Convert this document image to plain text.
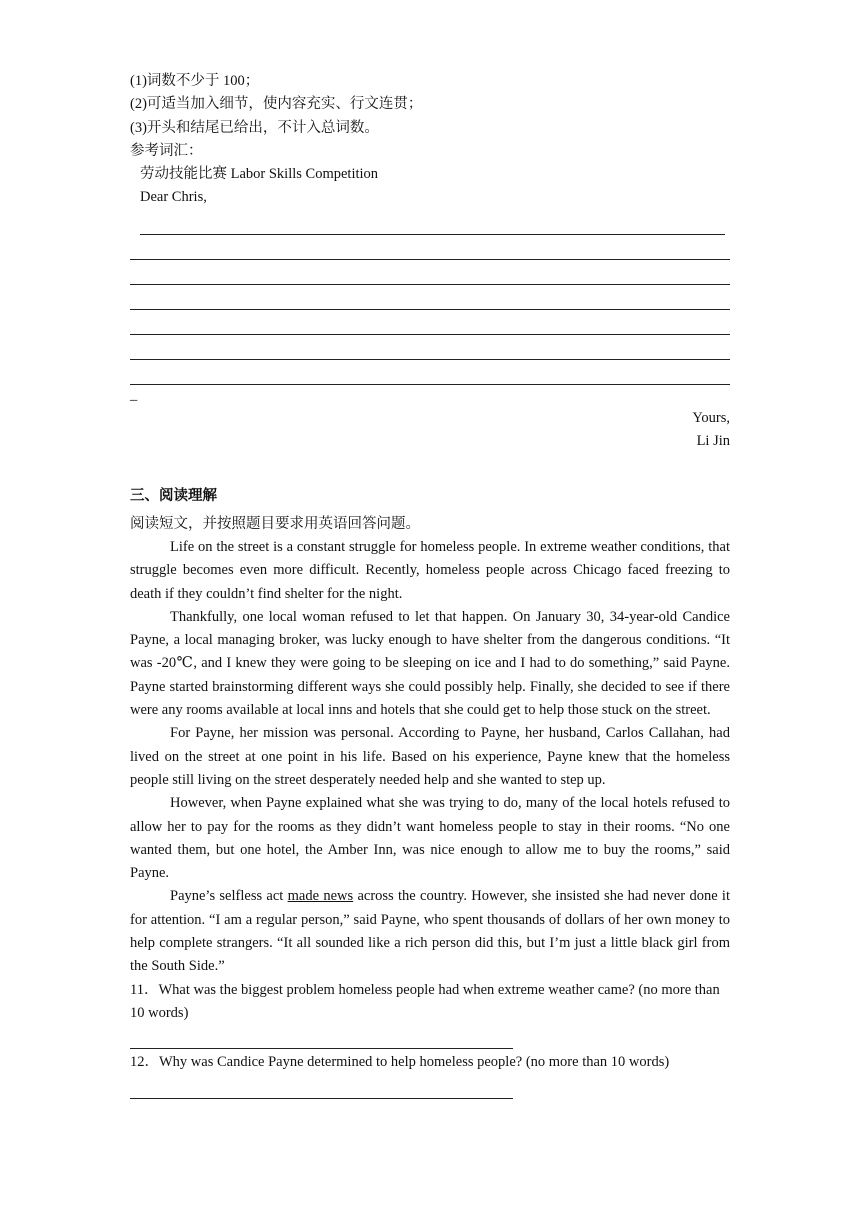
(1)词数不少于 100；
(2)可适当加入细节，使内容充实、行文连贯；
(3)开头和结尾已给出，不计入总词数。
参考词汇：
劳动技能比赛 Labor Skills Competition
Dear Chris,
_
Yours,
Li Jin
三、阅读理解
阅读短文，并按照题目要求用英语回答问题。
Life on the street is a constant struggle for homeless people. In extreme weather conditions, that struggle becomes even more difficult. Recently, homeless people across Chicago faced freezing to death if they couldn’t find shelter for the night.
Thankfully, one local woman refused to let that happen. On January 30, 34-year-old Candice Payne, a local managing broker, was lucky enough to have shelter from the dangerous conditions. “It was -20℃, and I knew they were going to be sleeping on ice and I had to do something,” said Payne. Payne started brainstorming different ways she could possibly help. Finally, she decided to see if there were any rooms available at local inns and hotels that she could get to help those stuck on the street.
For Payne, her mission was personal. According to Payne, her husband, Carlos Callahan, had lived on the street at one point in his life. Based on his experience, Payne knew that the homeless people still living on the street desperately needed help and she wanted to step up.
However, when Payne explained what she was trying to do, many of the local hotels refused to allow her to pay for the rooms as they didn’t want homeless people to stay in their rooms. “No one wanted them, but one hotel, the Amber Inn, was nice enough to allow me to buy the rooms,” said Payne.
Payne’s selfless act made news across the country. However, she insisted she had never done it for attention. “I am a regular person,” said Payne, who spent thousands of dollars of her own money to help complete strangers. “It all sounded like a rich person did this, but I’m just a little black girl from the South Side.”
11．What was the biggest problem homeless people had when extreme weather came? (no more than 10 words)
12．Why was Candice Payne determined to help homeless people? (no more than 10 words)
